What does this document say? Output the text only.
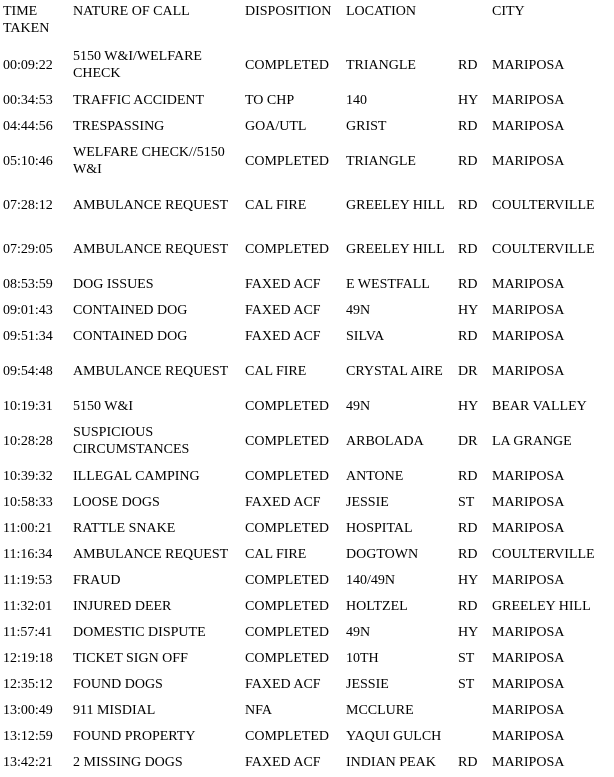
TIME TAKEN	NATURE OF CALL	DISPOSITION	LOCATION		CITY
00:09:22	5150 W&I/WELFARE CHECK	COMPLETED	TRIANGLE	RD	MARIPOSA
00:34:53	TRAFFIC ACCIDENT	TO CHP	140	HY	MARIPOSA
04:44:56	TRESPASSING	GOA/UTL	GRIST	RD	MARIPOSA
05:10:46	WELFARE CHECK//5150 W&I	COMPLETED	TRIANGLE	RD	MARIPOSA
07:28:12	AMBULANCE REQUEST	CAL FIRE	GREELEY HILL	RD	COULTERVILLE
07:29:05	AMBULANCE REQUEST	COMPLETED	GREELEY HILL	RD	COULTERVILLE
08:53:59	DOG ISSUES	FAXED ACF	E WESTFALL	RD	MARIPOSA
09:01:43	CONTAINED DOG	FAXED ACF	49N	HY	MARIPOSA
09:51:34	CONTAINED DOG	FAXED ACF	SILVA	RD	MARIPOSA
09:54:48	AMBULANCE REQUEST	CAL FIRE	CRYSTAL AIRE	DR	MARIPOSA
10:19:31	5150 W&I	COMPLETED	49N	HY	BEAR VALLEY
10:28:28	SUSPICIOUS CIRCUMSTANCES	COMPLETED	ARBOLADA	DR	LA GRANGE
10:39:32	ILLEGAL CAMPING	COMPLETED	ANTONE	RD	MARIPOSA
10:58:33	LOOSE DOGS	FAXED ACF	JESSIE	ST	MARIPOSA
11:00:21	RATTLE SNAKE	COMPLETED	HOSPITAL	RD	MARIPOSA
11:16:34	AMBULANCE REQUEST	CAL FIRE	DOGTOWN	RD	COULTERVILLE
11:19:53	FRAUD	COMPLETED	140/49N	HY	MARIPOSA
11:32:01	INJURED DEER	COMPLETED	HOLTZEL	RD	GREELEY HILL
11:57:41	DOMESTIC DISPUTE	COMPLETED	49N	HY	MARIPOSA
12:19:18	TICKET SIGN OFF	COMPLETED	10TH	ST	MARIPOSA
12:35:12	FOUND DOGS	FAXED ACF	JESSIE	ST	MARIPOSA
13:00:49	911 MISDIAL	NFA	MCCLURE		MARIPOSA
13:12:59	FOUND PROPERTY	COMPLETED	YAQUI GULCH		MARIPOSA
13:42:21	2 MISSING DOGS	FAXED ACF	INDIAN PEAK	RD	MARIPOSA
